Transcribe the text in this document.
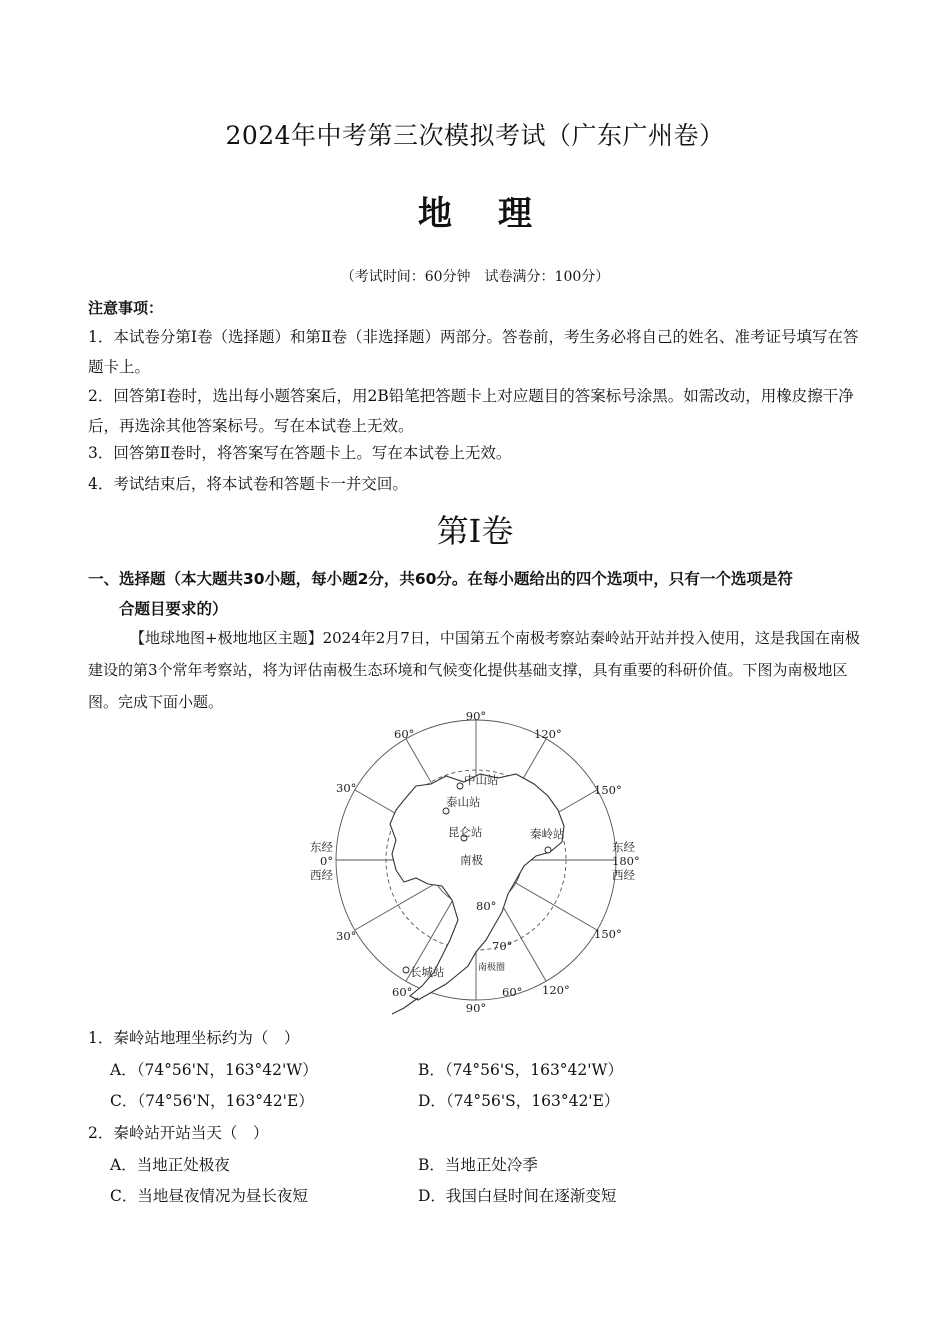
2024年中考第三次模拟考试（广东广州卷）
地 理
（考试时间：60分钟　试卷满分：100分）
注意事项：
1．本试卷分第Ⅰ卷（选择题）和第Ⅱ卷（非选择题）两部分。答卷前，考生务必将自己的姓名、准考证号填写在答题卡上。
2．回答第Ⅰ卷时，选出每小题答案后，用2B铅笔把答题卡上对应题目的答案标号涂黑。如需改动，用橡皮擦干净后，再选涂其他答案标号。写在本试卷上无效。
3．回答第Ⅱ卷时，将答案写在答题卡上。写在本试卷上无效。
4．考试结束后，将本试卷和答题卡一并交回。
第Ⅰ卷
一、选择题（本大题共30小题，每小题2分，共60分。在每小题给出的四个选项中，只有一个选项是符
合题目要求的）
【地球地图+极地地区主题】2024年2月7日，中国第五个南极考察站秦岭站开站并投入使用，这是我国在南极建设的第3个常年考察站，将为评估南极生态环境和气候变化提供基础支撑，具有重要的科研价值。下图为南极地区图。完成下面小题。
90°
90°
120°
150°
150°
120°
60°
30°
30°
60°	60°
东经
0°
西经
东经
180°
西经
80°
70°
南极圈
南极
中山站
泰山站
昆仑站	秦岭站
长城站
1．秦岭站地理坐标约为（　）
A．（74°56'N，163°42'W）	B．（74°56'S，163°42'W）
C．（74°56'N，163°42'E）	D．（74°56'S，163°42'E）
2．秦岭站开站当天（　）
A．当地正处极夜	B．当地正处冷季
C．当地昼夜情况为昼长夜短	D．我国白昼时间在逐渐变短
